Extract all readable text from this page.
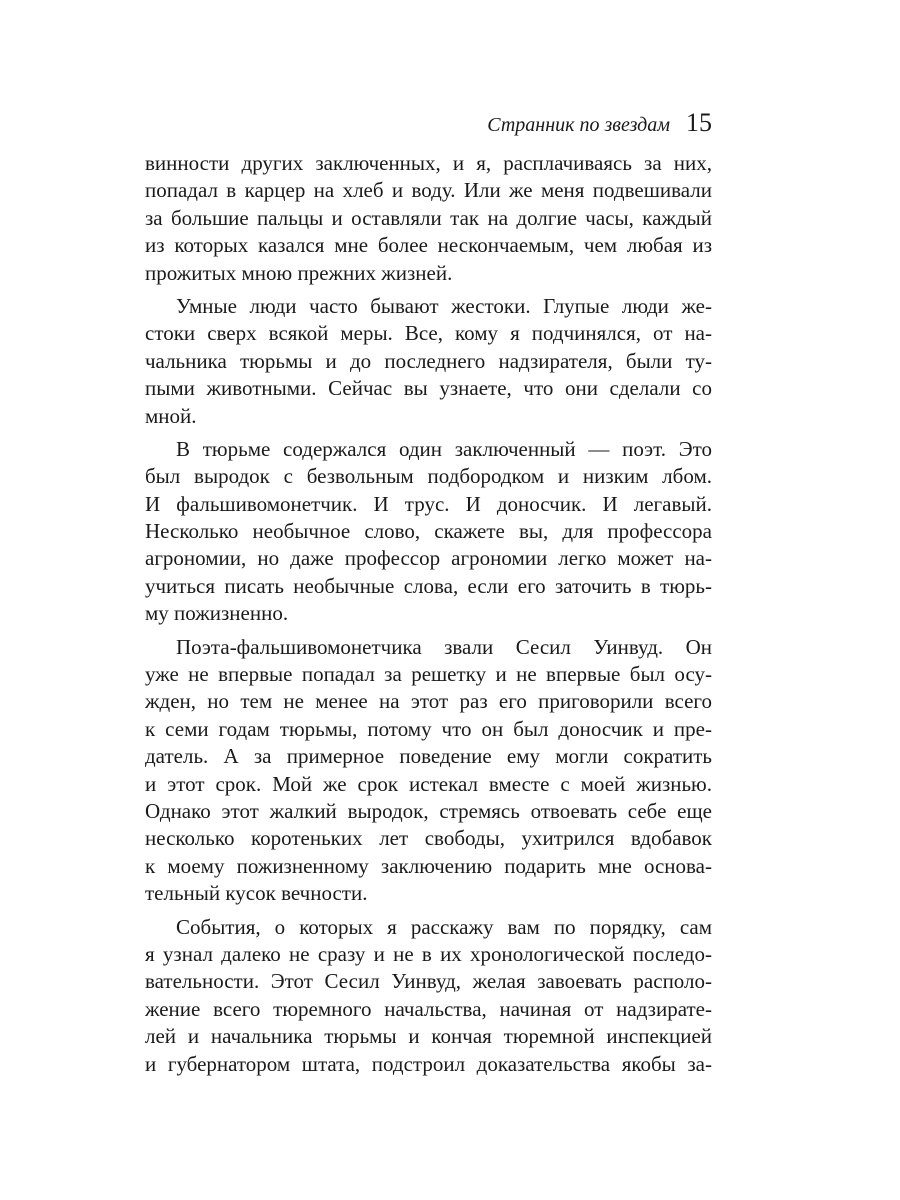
Странник по звездам 15
винности других заключенных, и я, расплачиваясь за них,
попадал в карцер на хлеб и воду. Или же меня подвешивали
за большие пальцы и оставляли так на долгие часы, каждый
из которых казался мне более нескончаемым, чем любая из
прожитых мною прежних жизней.
Умные люди часто бывают жестоки. Глупые люди же-
стоки сверх всякой меры. Все, кому я подчинялся, от на-
чальника тюрьмы и до последнего надзирателя, были ту-
пыми животными. Сейчас вы узнаете, что они сделали со
мной.
В тюрьме содержался один заключенный — поэт. Это
был выродок с безвольным подбородком и низким лбом.
И фальшивомонетчик. И трус. И доносчик. И легавый.
Несколько необычное слово, скажете вы, для профессора
агрономии, но даже профессор агрономии легко может на-
учиться писать необычные слова, если его заточить в тюрь-
му пожизненно.
Поэта-фальшивомонетчика звали Сесил Уинвуд. Он
уже не впервые попадал за решетку и не впервые был осу-
жден, но тем не менее на этот раз его приговорили всего
к семи годам тюрьмы, потому что он был доносчик и пре-
датель. А за примерное поведение ему могли сократить
и этот срок. Мой же срок истекал вместе с моей жизнью.
Однако этот жалкий выродок, стремясь отвоевать себе еще
несколько коротеньких лет свободы, ухитрился вдобавок
к моему пожизненному заключению подарить мне основа-
тельный кусок вечности.
События, о которых я расскажу вам по порядку, сам
я узнал далеко не сразу и не в их хронологической последо-
вательности. Этот Сесил Уинвуд, желая завоевать располо-
жение всего тюремного начальства, начиная от надзирате-
лей и начальника тюрьмы и кончая тюремной инспекцией
и губернатором штата, подстроил доказательства якобы за-
